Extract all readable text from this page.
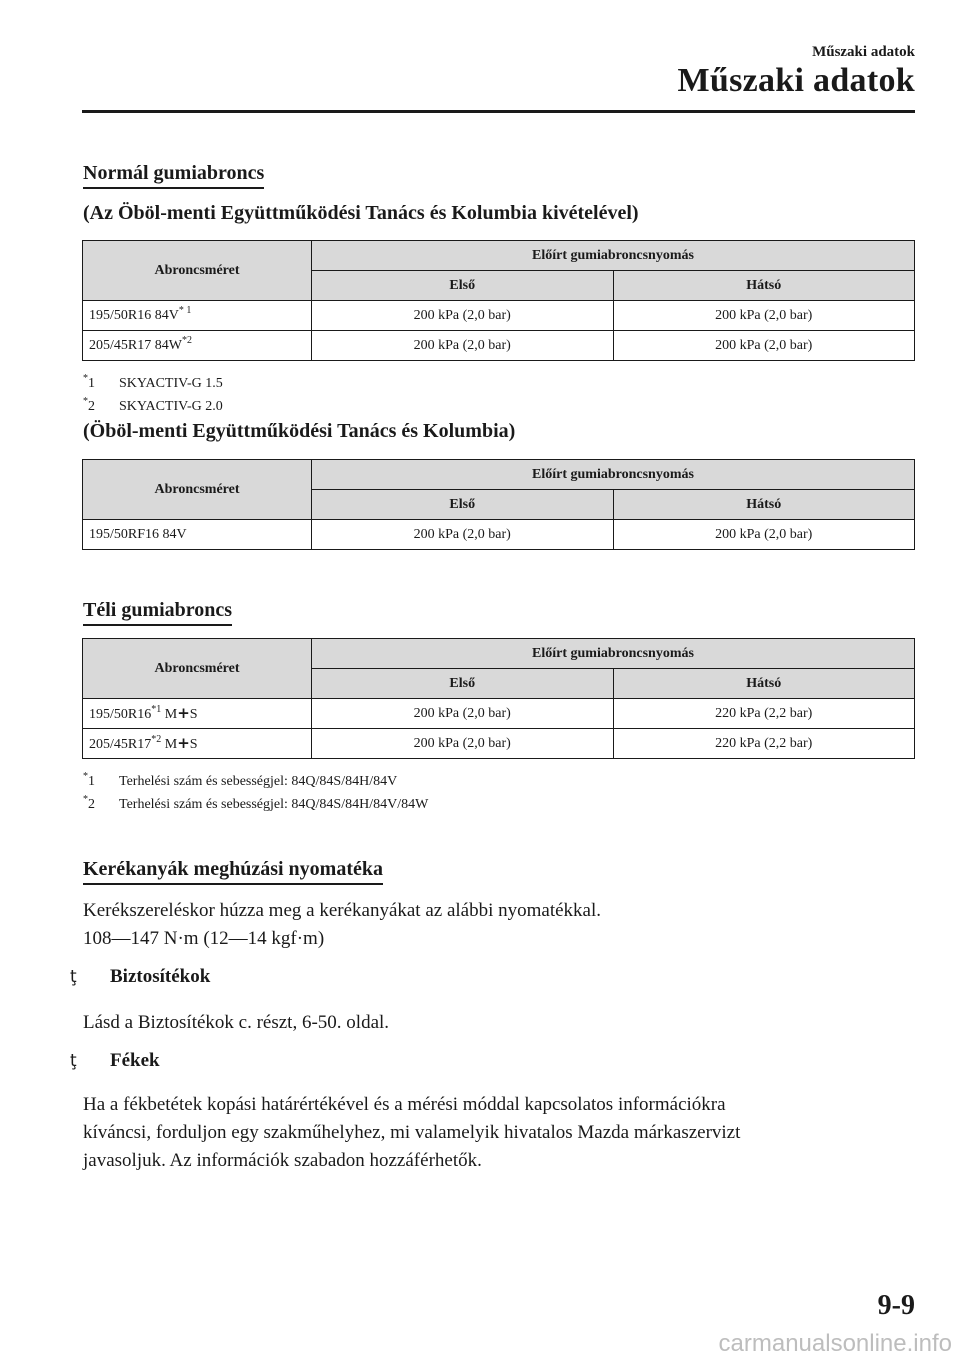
Műszaki adatok
Műszaki adatok
Normál gumiabroncs
(Az Öböl-menti Együttműködési Tanács és Kolumbia kivételével)
Abroncsméret	Előírt gumiabroncsnyomás	
	Első	Hátsó
195/50R16 $84V^{* 1}$	200 kPa (2,0 bar)	200 kPa (2,0 bar)
205/45R17 $84W^{*2}$	200 kPa (2,0 bar)	200 kPa (2,0 bar)
*1 SKYACTIV-G 1.5
*2 SKYACTIV-G 2.0
(Öböl-menti Együttműködési Tanács és Kolumbia)
Abroncsméret	Előírt gumiabroncsnyomás	
	Első	Hátsó
195/50RF16 84V	200 kPa (2,0 bar)	200 kPa (2,0 bar)
Téli gumiabroncs
Abroncsméret	Előírt gumiabroncsnyomás	
	Első	Hátsó
195/50R16$^{*1}$ M+S	200 kPa (2,0 bar)	220 kPa (2,2 bar)
205/45R17$^{*2}$ M+S	200 kPa (2,0 bar)	220 kPa (2,2 bar)
*1 Terhelési szám és sebességjel: 84Q/84S/84H/84V
*2 Terhelési szám és sebességjel: 84Q/84S/84H/84V/84W
Kerékanyák meghúzási nyomatéka
Kerékszereléskor húzza meg a kerékanyákat az alábbi nyomatékkal.
108―147 N·m (12―14 kgf·m)
ţ Biztosítékok
Lásd a Biztosítékok c. részt, 6-50. oldal.
ţ Fékek
Ha a fékbetétek kopási határértékével és a mérési móddal kapcsolatos információkra
kíváncsi, forduljon egy szakműhelyhez, mi valamelyik hivatalos Mazda márkaszervizt
javasoljuk. Az információk szabadon hozzáférhetők.
9-9
carmanualsonline.info
